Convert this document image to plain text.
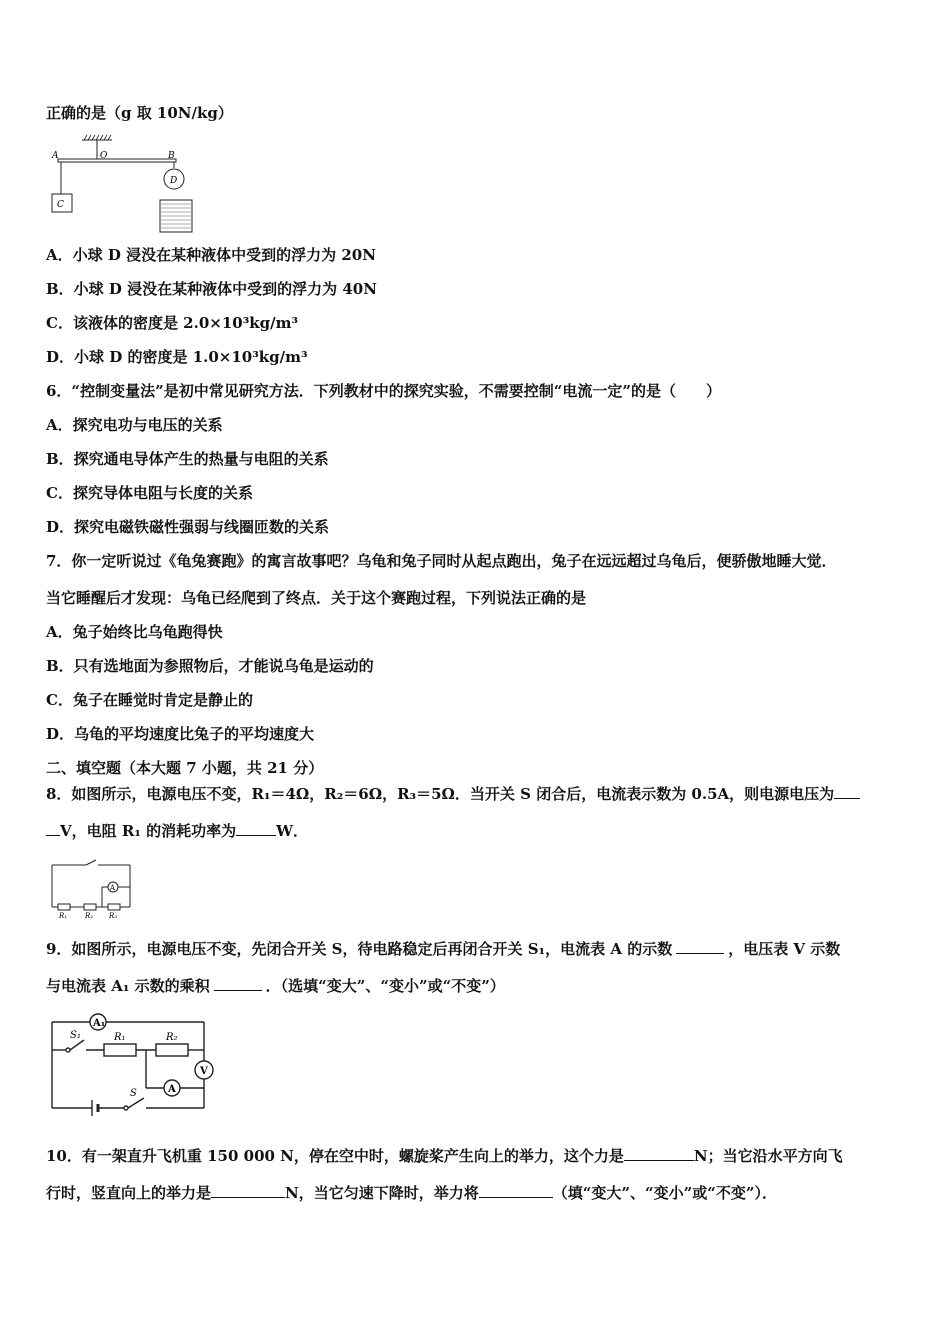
正确的是（g 取 10N/kg）
A	O	B
C
D
A．小球 D 浸没在某种液体中受到的浮力为 20N
B．小球 D 浸没在某种液体中受到的浮力为 40N
C．该液体的密度是 2.0×10³kg/m³
D．小球 D 的密度是 1.0×10³kg/m³
6．“控制变量法”是初中常见研究方法．下列教材中的探究实验，不需要控制“电流一定”的是（　　）
A．探究电功与电压的关系
B．探究通电导体产生的热量与电阻的关系
C．探究导体电阻与长度的关系
D．探究电磁铁磁性强弱与线圈匝数的关系
7．你一定听说过《龟兔赛跑》的寓言故事吧？乌龟和兔子同时从起点跑出，兔子在远远超过乌龟后，便骄傲地睡大觉．
当它睡醒后才发现：乌龟已经爬到了终点．关于这个赛跑过程，下列说法正确的是
A．兔子始终比乌龟跑得快
B．只有选地面为参照物后，才能说乌龟是运动的
C．兔子在睡觉时肯定是静止的
D．乌龟的平均速度比兔子的平均速度大
二、填空题（本大题 7 小题，共 21 分）
8．如图所示，电源电压不变，R₁＝4Ω，R₂＝6Ω，R₃＝5Ω．当开关 S 闭合后，电流表示数为 0.5A，则电源电压为
V，电阻 R₁ 的消耗功率为	W．
A
R₁	R₂ R₃
9．如图所示，电源电压不变，先闭合开关 S，待电路稳定后再闭合开关 S₁，电流表 A 的示数	，电压表 V 示数
与电流表 A₁ 示数的乘积	．（选填“变大”、“变小”或“不变”）
A₁
S₁	R₁	R₂
V
A
S
10．有一架直升飞机重 150 000 N，停在空中时，螺旋桨产生向上的举力，这个力是	N；当它沿水平方向飞
行时，竖直向上的举力是	N，当它匀速下降时，举力将	（填“变大”、“变小”或“不变”）．
